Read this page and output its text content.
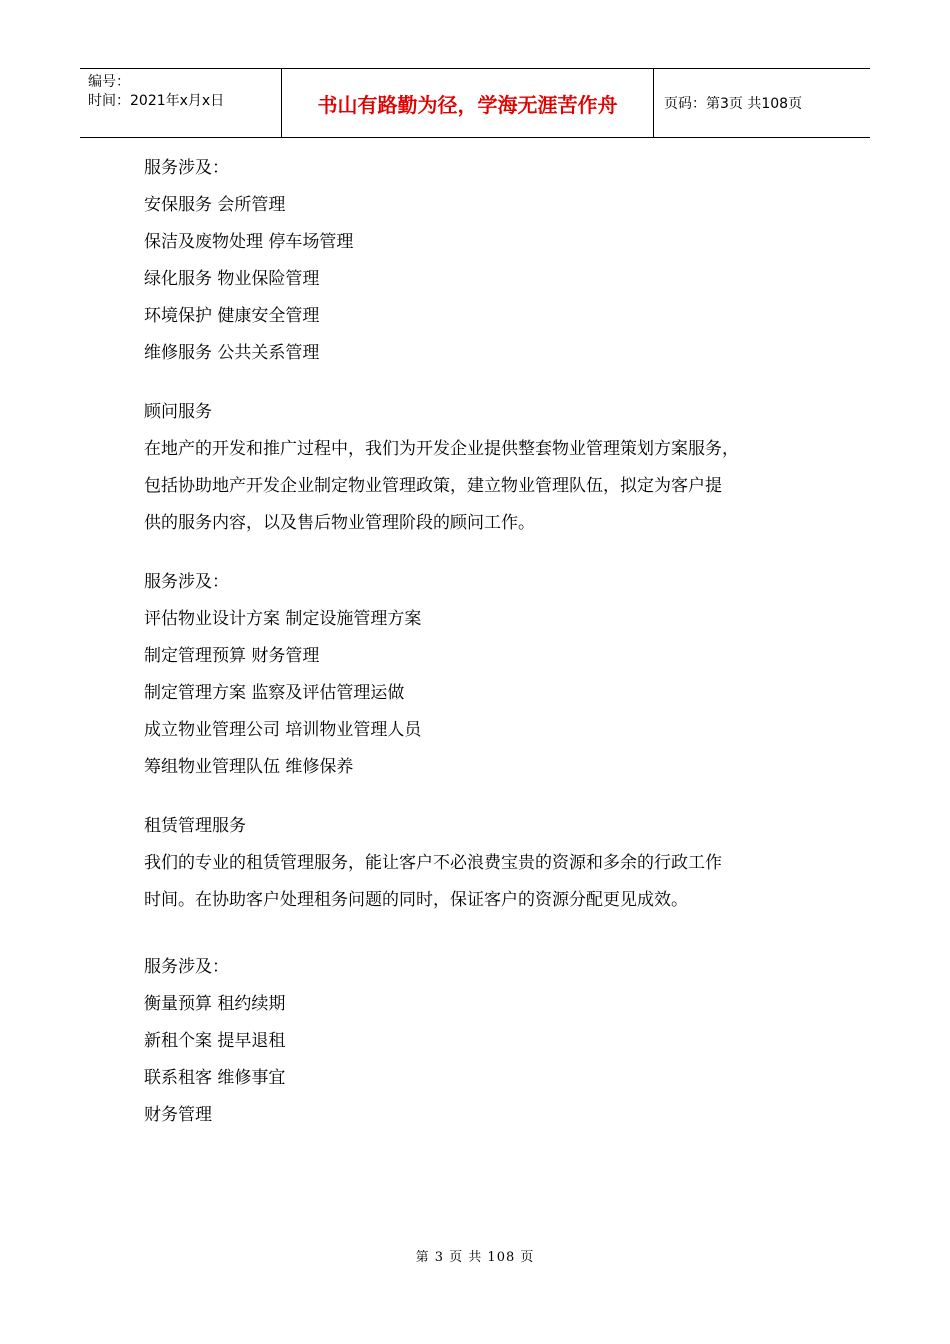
编号：
时间：2021年x月x日	书山有路勤为径，学海无涯苦作舟	页码：第3页 共108页
服务涉及：
安保服务 会所管理
保洁及废物处理 停车场管理
绿化服务 物业保险管理
环境保护 健康安全管理
维修服务 公共关系管理
顾问服务
在地产的开发和推广过程中，我们为开发企业提供整套物业管理策划方案服务，
包括协助地产开发企业制定物业管理政策，建立物业管理队伍，拟定为客户提
供的服务内容，以及售后物业管理阶段的顾问工作。
服务涉及：
评估物业设计方案 制定设施管理方案
制定管理预算 财务管理
制定管理方案 监察及评估管理运做
成立物业管理公司 培训物业管理人员
筹组物业管理队伍 维修保养
租赁管理服务
我们的专业的租赁管理服务，能让客户不必浪费宝贵的资源和多余的行政工作
时间。在协助客户处理租务问题的同时，保证客户的资源分配更见成效。
服务涉及：
衡量预算 租约续期
新租个案 提早退租
联系租客 维修事宜
财务管理
第 3 页 共 108 页
